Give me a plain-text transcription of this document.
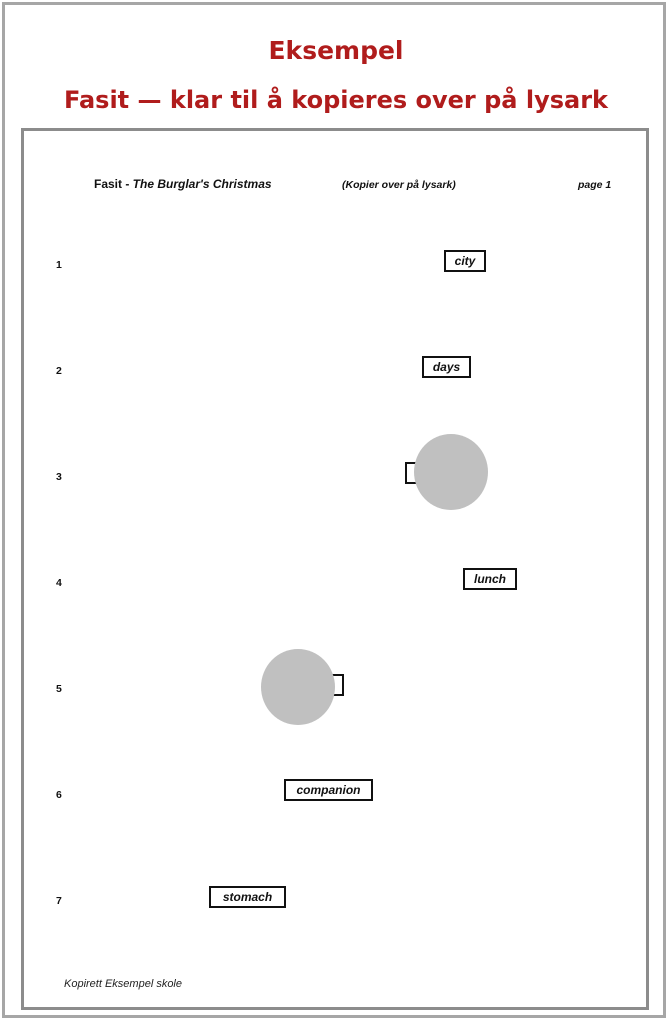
Eksempel
Fasit — klar til å kopieres over på lysark
Fasit - The Burglar's Christmas	(Kopier over på lysark)	page 1
1	city
2	days
3
4	lunch
5
6	companion
7	stomach
Kopirett Eksempel skole
